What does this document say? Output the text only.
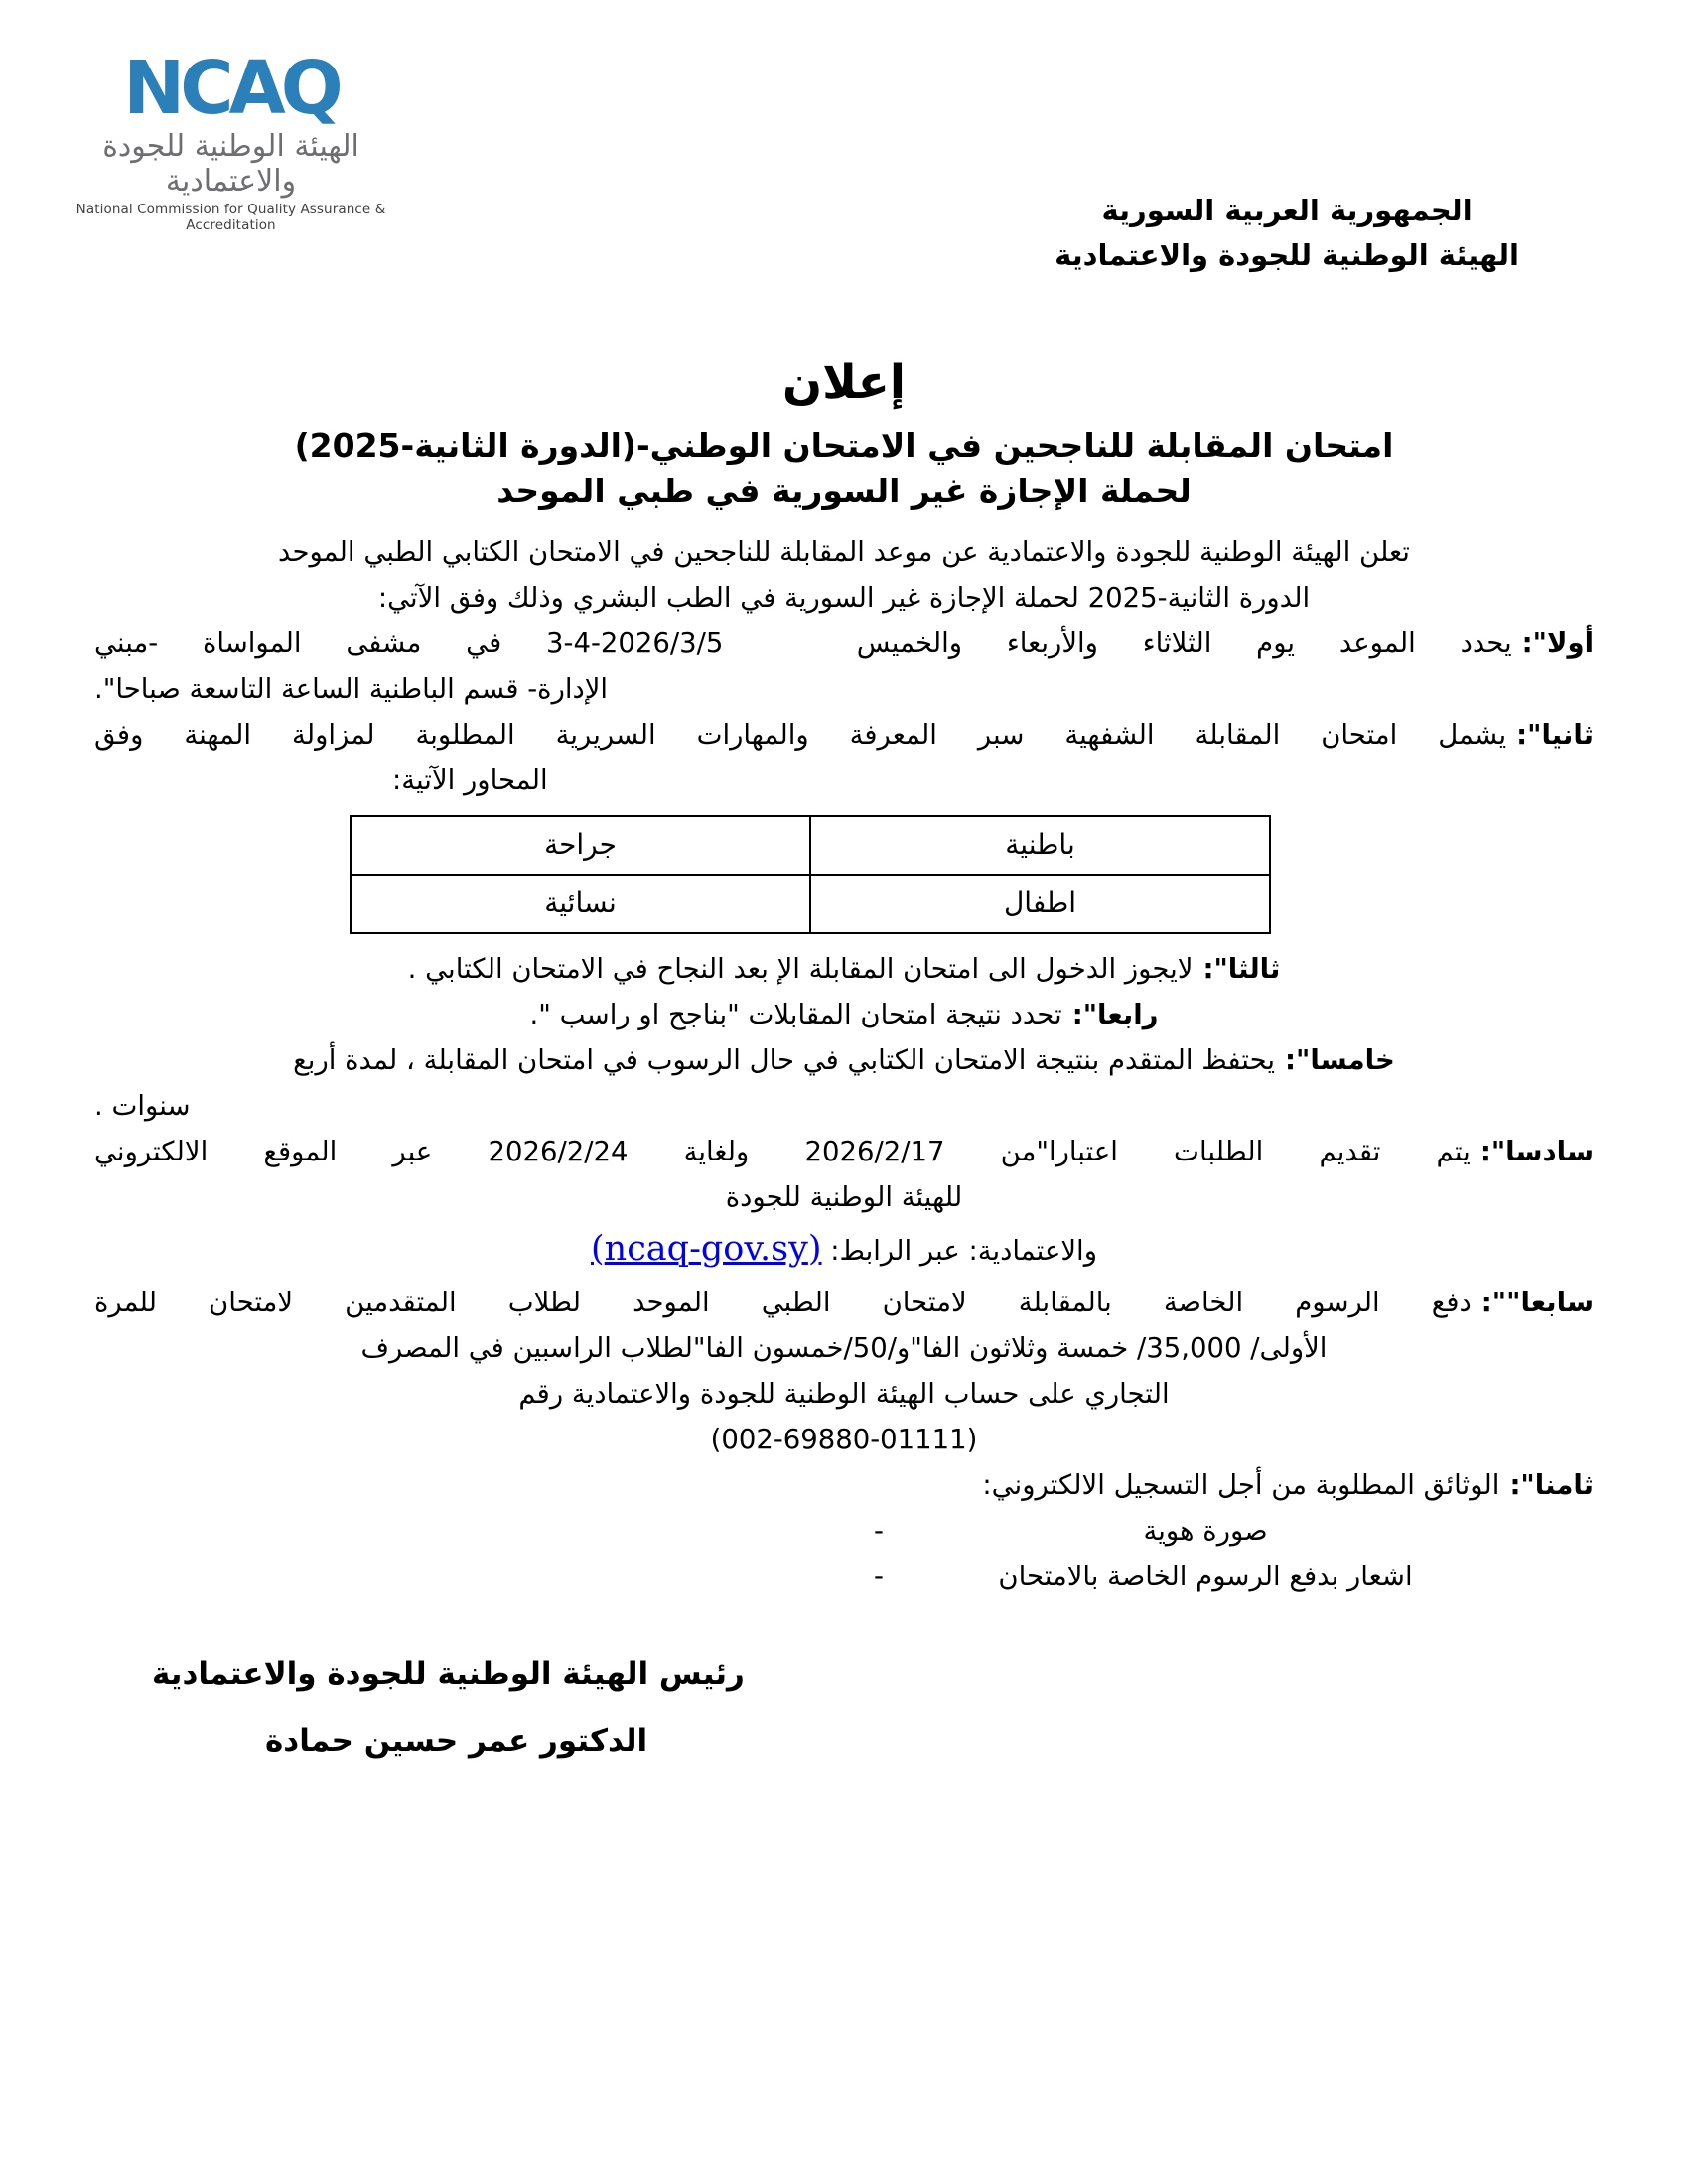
NCAQ
الهيئة الوطنية للجودة والاعتمادية
National Commission for Quality Assurance & Accreditation	الجمهورية العربية السورية
الهيئة الوطنية للجودة والاعتمادية
إعلان
امتحان المقابلة للناجحين في الامتحان الوطني-(الدورة الثانية-2025)
لحملة الإجازة غير السورية في طبي الموحد
تعلن الهيئة الوطنية للجودة والاعتمادية عن موعد المقابلة للناجحين في الامتحان الكتابي الطبي الموحد
الدورة الثانية-2025 لحملة الإجازة غير السورية في الطب البشري وذلك وفق الآتي:
أولا":يحدد الموعد يوم الثلاثاء والأربعاء والخميس   2026/3/5-4-3 في مشفى المواساة -مبني
الإدارة- قسم الباطنية الساعة التاسعة صباحا".
ثانيا":يشمل امتحان المقابلة الشفهية سبر المعرفة والمهارات السريرية المطلوبة لمزاولة المهنة وفق
المحاور الآتية:
باطنية	جراحة
اطفال	نسائية
ثالثا":لايجوز الدخول الى امتحان المقابلة الإ بعد النجاح في الامتحان الكتابي .
رابعا":تحدد نتيجة امتحان المقابلات "بناجح او راسب ".
خامسا":يحتفظ المتقدم بنتيجة الامتحان الكتابي في حال الرسوب في امتحان المقابلة ، لمدة أربع
سنوات .
سادسا":يتم تقديم الطلبات اعتبارا"من 2026/2/17 ولغاية 2026/2/24 عبر الموقع الالكتروني
للهيئة الوطنية للجودة
والاعتمادية: عبر الرابط: (ncaq-gov.sy)
سابعا"":دفع الرسوم الخاصة بالمقابلة لامتحان الطبي الموحد لطلاب المتقدمين لامتحان للمرة
الأولى/ 35,000/ خمسة وثلاثون الفا"و/50/خمسون الفا"لطلاب الراسبين في المصرف
التجاري على حساب الهيئة الوطنية للجودة والاعتمادية رقم
(002-69880-01111)
ثامنا":الوثائق المطلوبة من أجل التسجيل الالكتروني:
-	صورة هوية
-	اشعار بدفع الرسوم الخاصة بالامتحان
رئيس الهيئة الوطنية للجودة والاعتمادية
الدكتور عمر حسين حمادة
